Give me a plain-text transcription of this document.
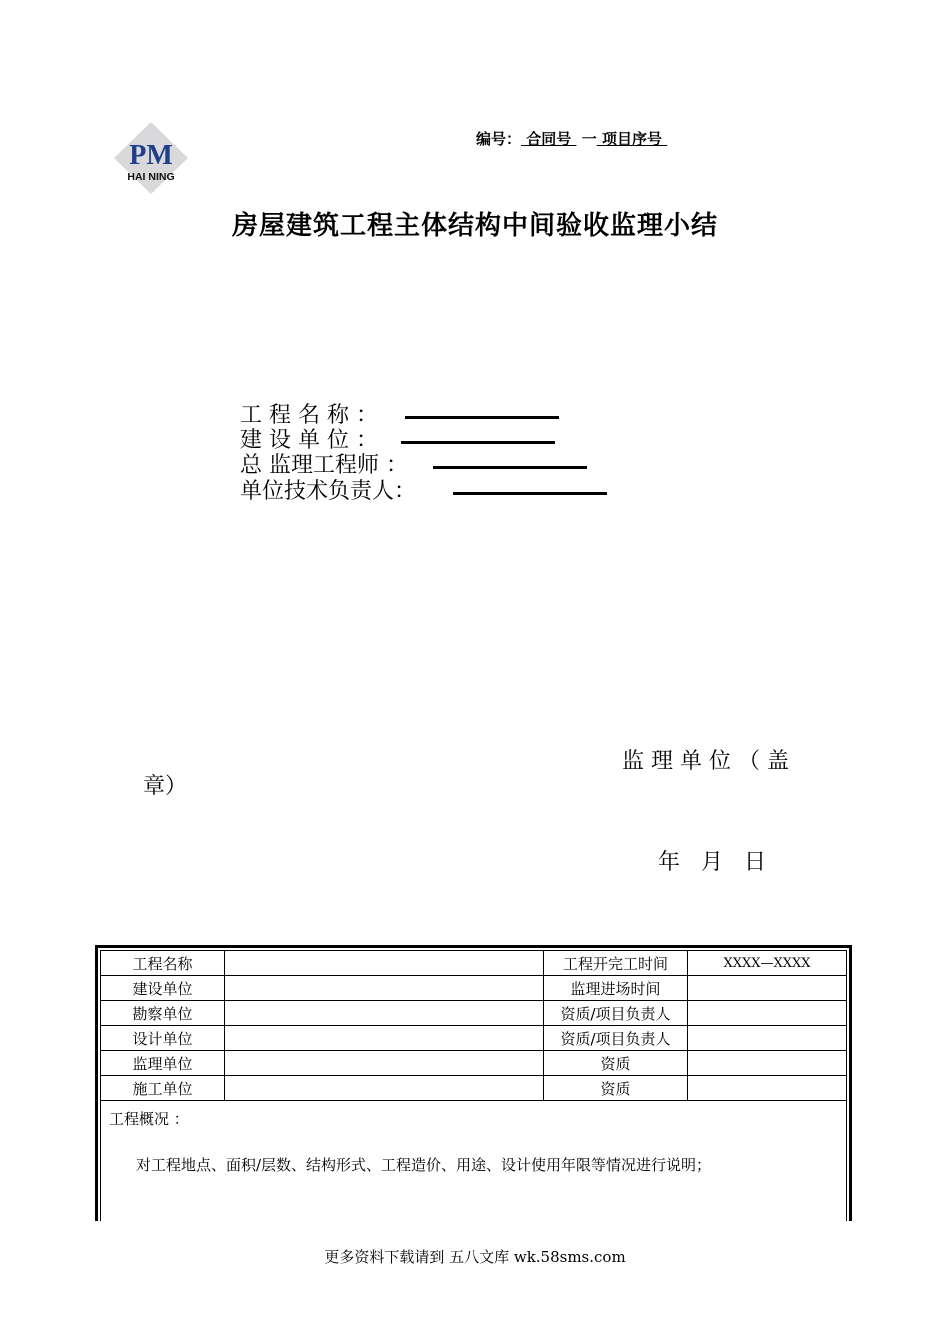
PM
HAI NING
编号： 合同号  一 项目序号
房屋建筑工程主体结构中间验收监理小结
工 程 名 称 ：
建 设 单 位 ：
总 监理工程师 ：
单位技术负责人：
监 理 单 位 （ 盖
章）
年   月   日
工程名称		工程开完工时间	XXXX—XXXX
建设单位		监理进场时间	
勘察单位		资质/项目负责人	
设计单位		资质/项目负责人	
监理单位		资质	
施工单位		资质	
工程概况 ：
对工程地点、面积/层数、结构形式、工程造价、用途、设计使用年限等情况进行说明；
更多资料下载请到 五八文库 wk.58sms.com
